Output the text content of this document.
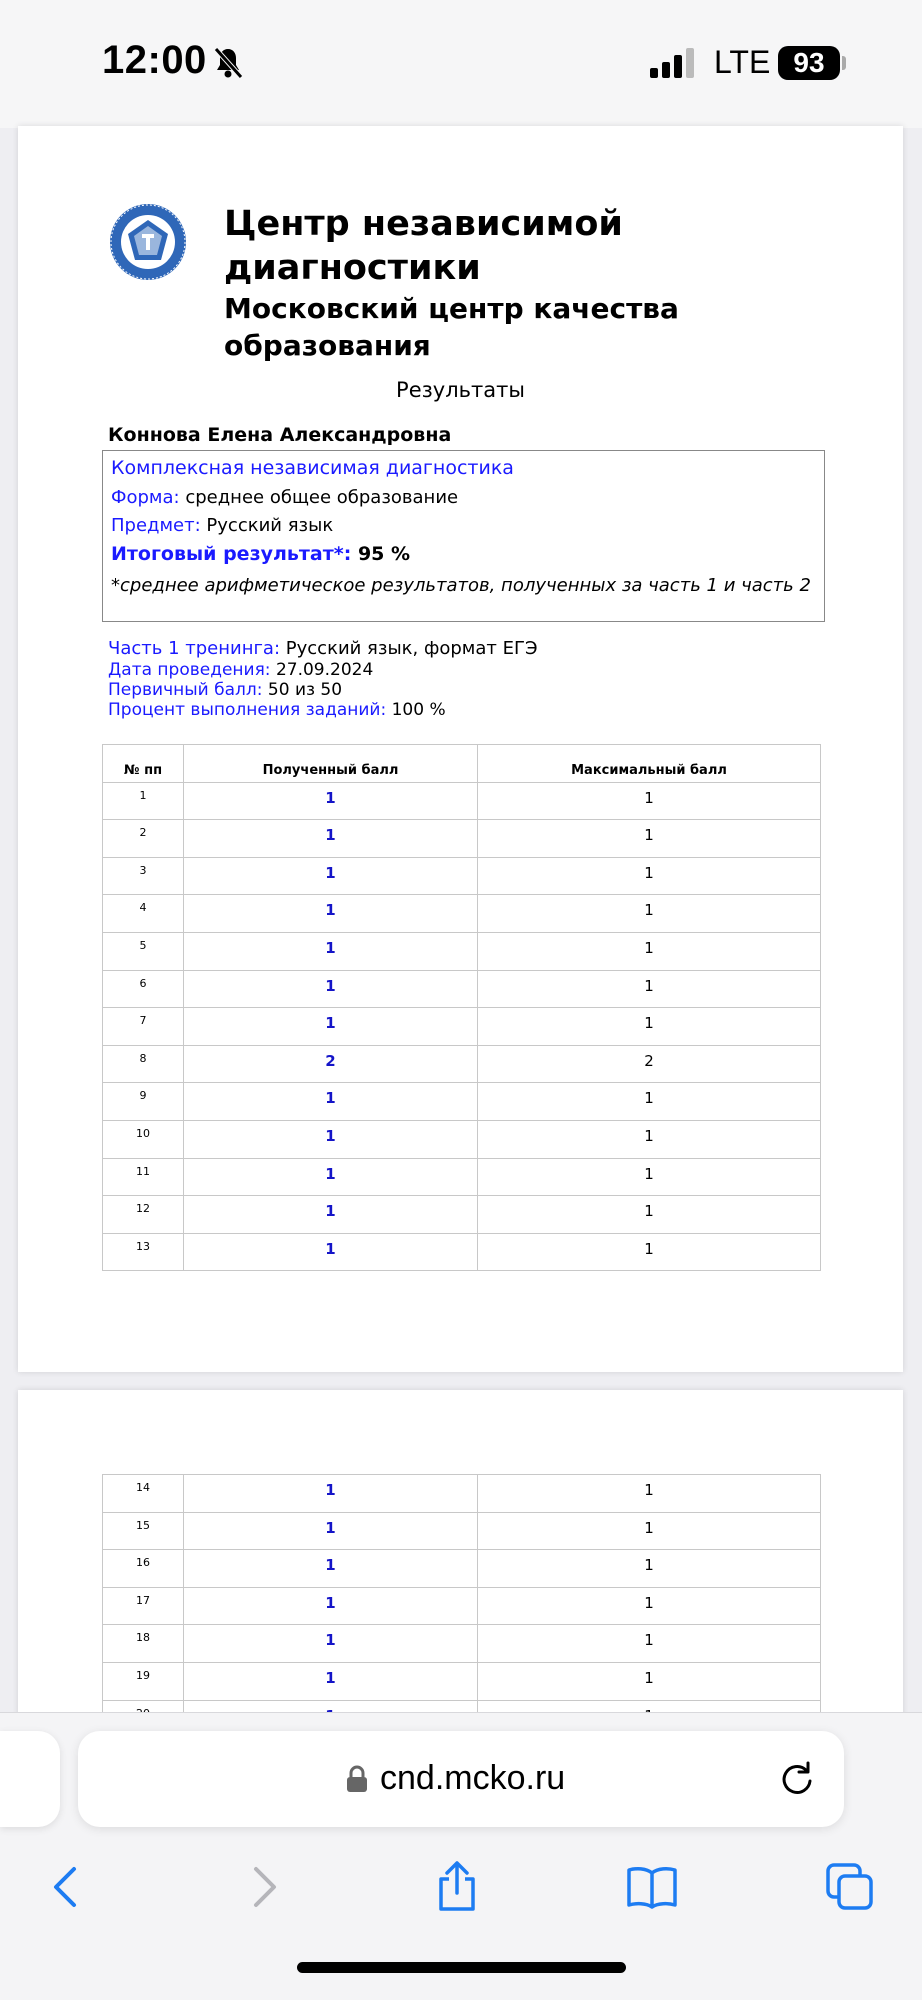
12:00	LTE 93
Центр независимой диагностики
Московский центр качества образования
Результаты
Коннова Елена Александровна
Комплексная независимая диагностика
Форма: среднее общее образование
Предмет: Русский язык
Итоговый результат*: 95 %
*среднее арифметическое результатов, полученных за часть 1 и часть 2
Часть 1 тренинга: Русский язык, формат ЕГЭ
Дата проведения: 27.09.2024
Первичный балл: 50 из 50
Процент выполнения заданий: 100 %
№ пп	Полученный балл	Максимальный балл
1	1	1
2	1	1
3	1	1
4	1	1
5	1	1
6	1	1
7	1	1
8	2	2
9	1	1
10	1	1
11	1	1
12	1	1
13	1	1
14	1	1
15	1	1
16	1	1
17	1	1
18	1	1
19	1	1

cnd.mcko.ru
